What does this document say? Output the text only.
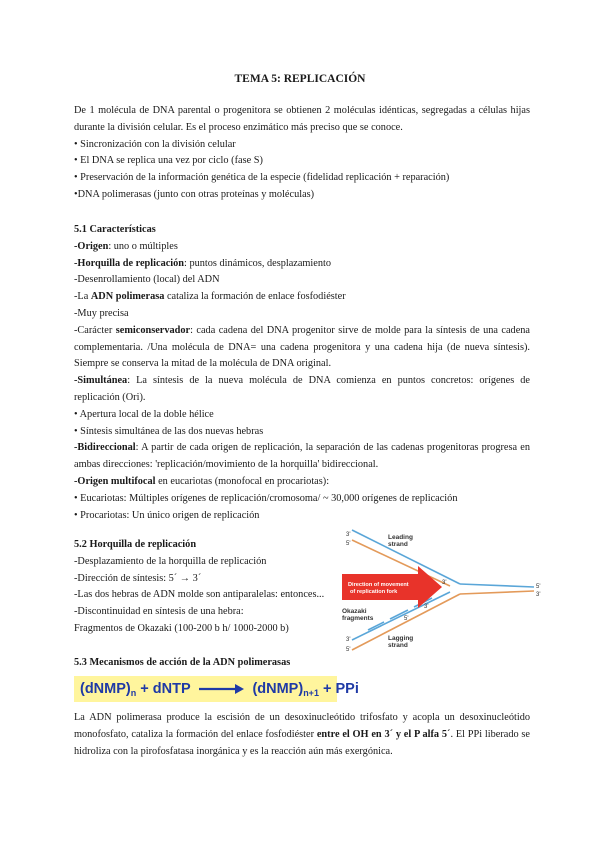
TEMA 5: REPLICACIÓN

De 1 molécula de DNA parental o progenitora se obtienen 2 moléculas idénticas, segregadas a células hijas durante la división celular. Es el proceso enzimático más preciso que se conoce.

• Sincronización con la división celular

• El DNA se replica una vez por ciclo (fase S)

• Preservación de la información genética de la especie (fidelidad replicación + reparación)

•DNA polimerasas (junto con otras proteínas y moléculas)

5.1 Características

-Origen: uno o múltiples

-Horquilla de replicación: puntos dinámicos, desplazamiento

-Desenrollamiento (local) del ADN

-La ADN polimerasa cataliza la formación de enlace fosfodiéster

-Muy precisa

-Carácter semiconservador: cada cadena del DNA progenitor sirve de molde para la síntesis de una cadena complementaria. /Una molécula de DNA= una cadena progenitora y una cadena hija (de nueva síntesis). Siempre se conserva la mitad de la molécula de DNA original.

-Simultánea: La síntesis de la nueva molécula de DNA comienza en puntos concretos: orígenes de replicación (Ori).

• Apertura local de la doble hélice

• Síntesis simultánea de las dos nuevas hebras

-Bidireccional: A partir de cada origen de replicación, la separación de las cadenas progenitoras progresa en ambas direcciones: 'replicación/movimiento de la horquilla' bidireccional.

-Origen multifocal en eucariotas (monofocal en procariotas):

• Eucariotas: Múltiples orígenes de replicación/cromosoma/ ~ 30,000 orígenes de replicación

• Procariotas: Un único origen de replicación

5.2 Horquilla de replicación

-Desplazamiento de la horquilla de replicación

-Dirección de síntesis: 5´ → 3´

-Las dos hebras de ADN molde son antiparalelas: entonces...

-Discontinuidad en síntesis de una hebra:

Fragmentos de Okazaki (100-200 b h/ 1000-2000 b)

Direction of movement
of replication fork
Leading
strand
Lagging
strand
Okazaki
fragments
3'
5'
3'
5'
3'
5'
3'
3'
5'

5.3 Mecanismos de acción de la ADN polimerasas

$(dNMP)_n$ + dNTP → $(dNMP)_{n+1}$ + PPi

La ADN polimerasa produce la escisión de un desoxinucleótido trifosfato y acopla un desoxinucleótido monofosfato, cataliza la formación del enlace fosfodiéster entre el OH en 3´ y el P alfa 5´. El PPi liberado se hidroliza con la pirofosfatasa inorgánica y es la reacción aún más exergónica.
